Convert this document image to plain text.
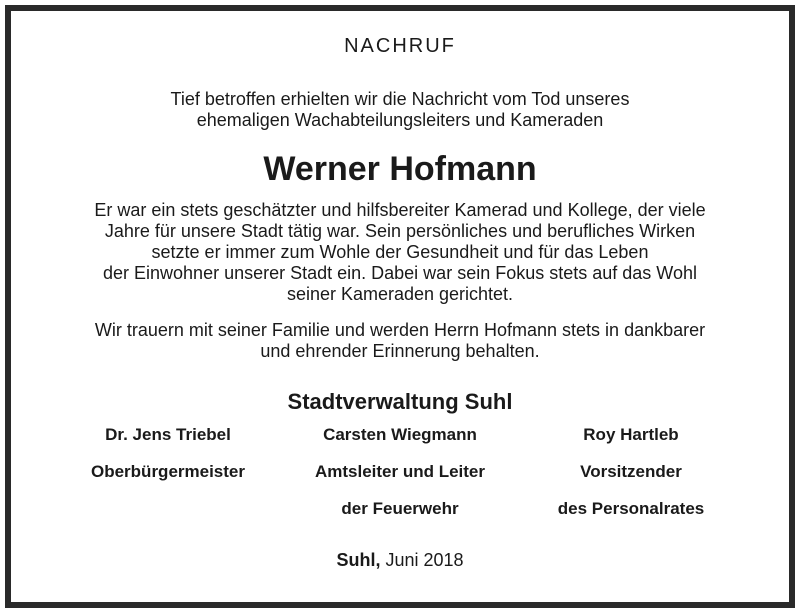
NACHRUF
Tief betroffen erhielten wir die Nachricht vom Tod unseres
ehemaligen Wachabteilungsleiters und Kameraden
Werner Hofmann
Er war ein stets geschätzter und hilfsbereiter Kamerad und Kollege, der viele
Jahre für unsere Stadt tätig war. Sein persönliches und berufliches Wirken
setzte er immer zum Wohle der Gesundheit und für das Leben
der Einwohner unserer Stadt ein. Dabei war sein Fokus stets auf das Wohl
seiner Kameraden gerichtet.
Wir trauern mit seiner Familie und werden Herrn Hofmann stets in dankbarer
und ehrender Erinnerung behalten.
Stadtverwaltung Suhl
Dr. Jens Triebel
Oberbürgermeister
Carsten Wiegmann
Amtsleiter und Leiter
der Feuerwehr
Roy Hartleb
Vorsitzender
des Personalrates
Suhl, Juni 2018
